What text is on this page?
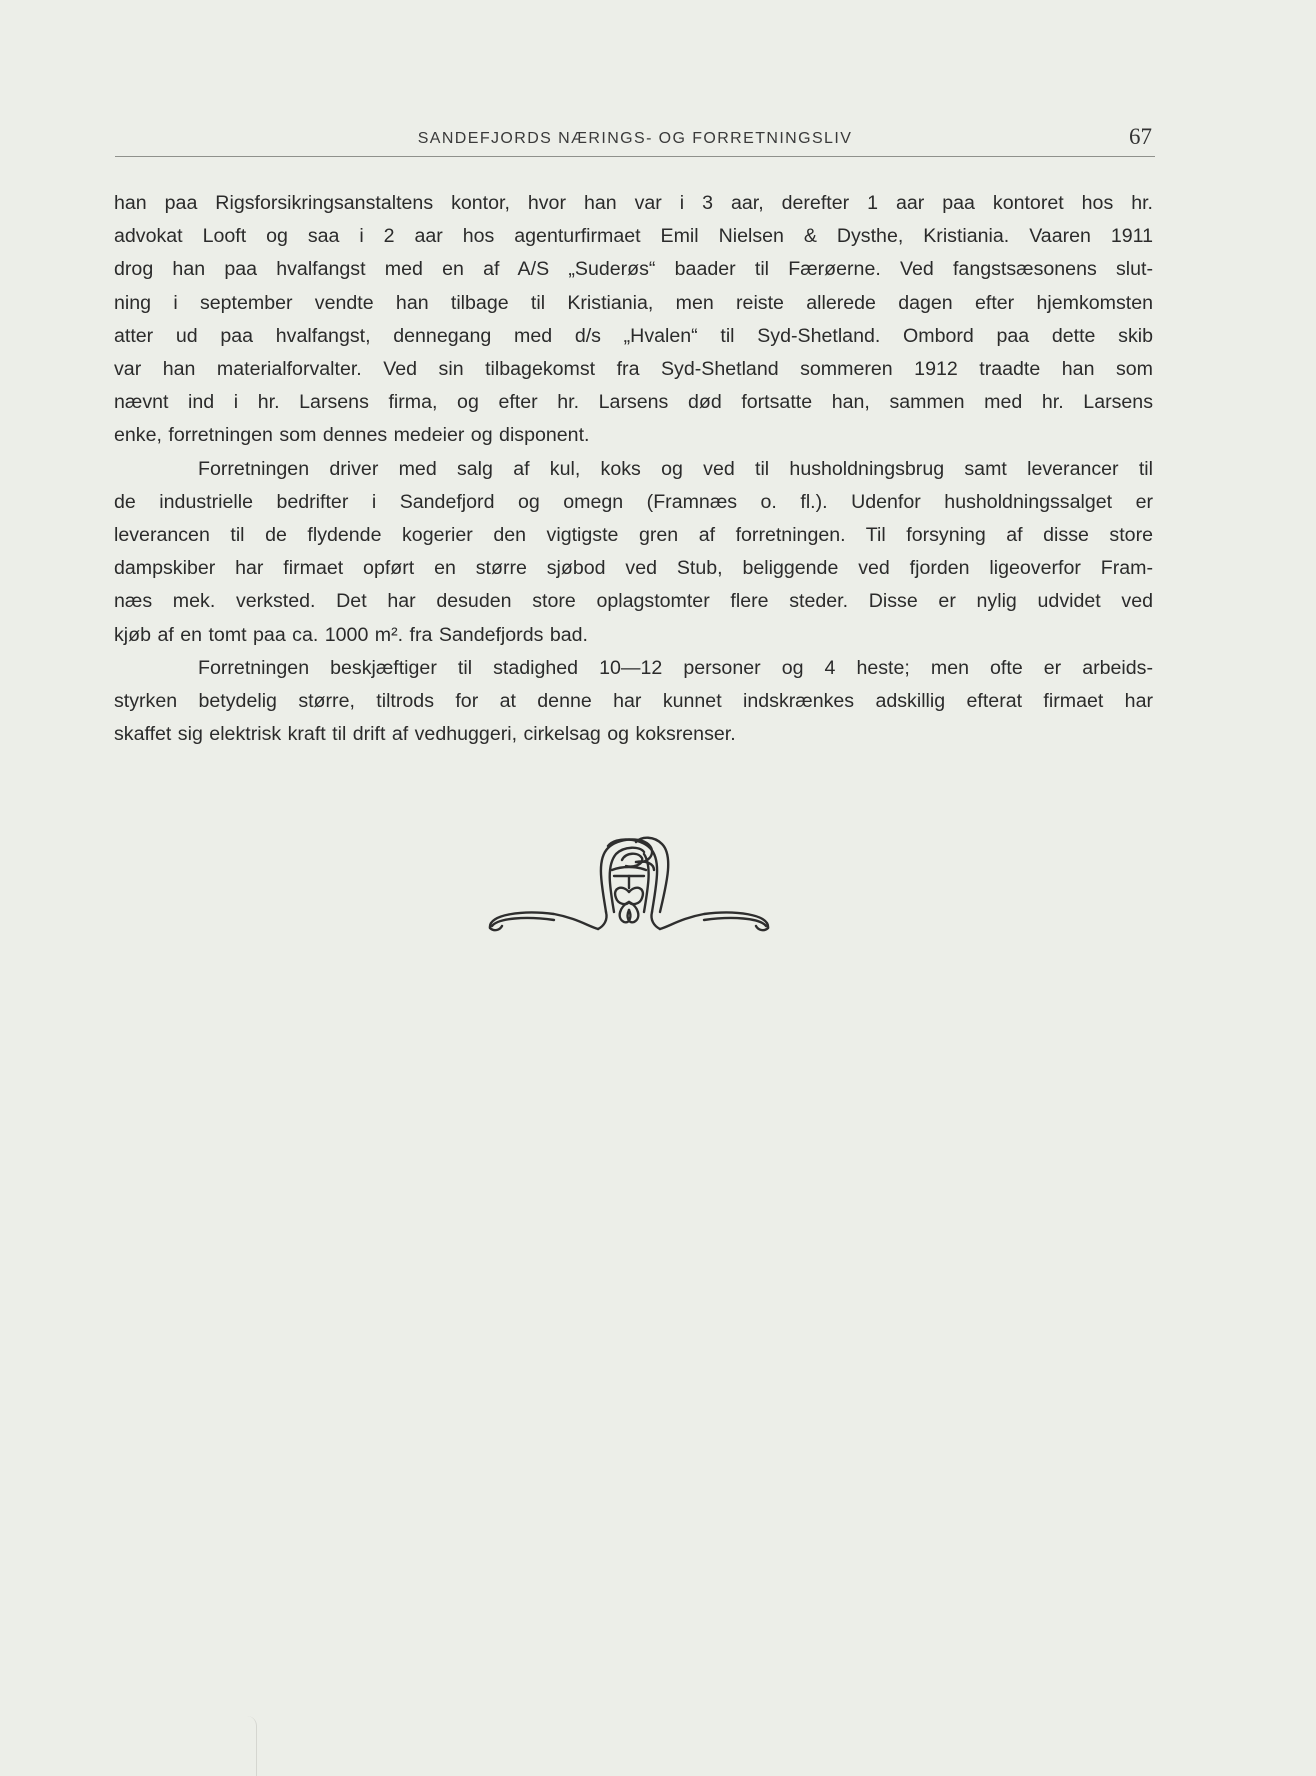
SANDEFJORDS NÆRINGS- OG FORRETNINGSLIV	67
han paa Rigsforsikringsanstaltens kontor, hvor han var i 3 aar, derefter 1 aar paa kontoret hos hr.
advokat Looft og saa i 2 aar hos agenturfirmaet Emil Nielsen & Dysthe, Kristiania. Vaaren 1911
drog han paa hvalfangst med en af A/S „Suderøs“ baader til Færøerne. Ved fangstsæsonens slut-
ning i september vendte han tilbage til Kristiania, men reiste allerede dagen efter hjemkomsten
atter ud paa hvalfangst, dennegang med d/s „Hvalen“ til Syd-Shetland. Ombord paa dette skib
var han materialforvalter. Ved sin tilbagekomst fra Syd-Shetland sommeren 1912 traadte han som
nævnt ind i hr. Larsens firma, og efter hr. Larsens død fortsatte han, sammen med hr. Larsens
enke, forretningen som dennes medeier og disponent.
Forretningen driver med salg af kul, koks og ved til husholdningsbrug samt leverancer til
de industrielle bedrifter i Sandefjord og omegn (Framnæs o. fl.). Udenfor husholdningssalget er
leverancen til de flydende kogerier den vigtigste gren af forretningen. Til forsyning af disse store
dampskiber har firmaet opført en større sjøbod ved Stub, beliggende ved fjorden ligeoverfor Fram-
næs mek. verksted. Det har desuden store oplagstomter flere steder. Disse er nylig udvidet ved
kjøb af en tomt paa ca. 1000 m². fra Sandefjords bad.
Forretningen beskjæftiger til stadighed 10—12 personer og 4 heste; men ofte er arbeids-
styrken betydelig større, tiltrods for at denne har kunnet indskrænkes adskillig efterat firmaet har
skaffet sig elektrisk kraft til drift af vedhuggeri, cirkelsag og koksrenser.
